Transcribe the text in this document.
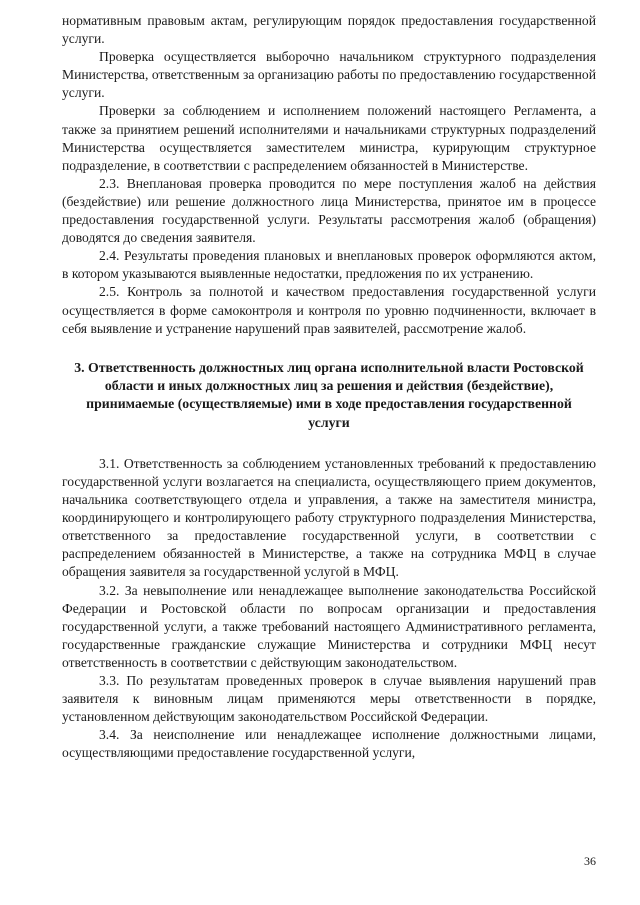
нормативным правовым актам, регулирующим порядок предоставления государственной услуги.

Проверка осуществляется выборочно начальником структурного подразделения Министерства, ответственным за организацию работы по предоставлению государственной услуги.

Проверки за соблюдением и исполнением положений настоящего Регламента, а также за принятием решений исполнителями и начальниками структурных подразделений Министерства осуществляется заместителем министра, курирующим структурное подразделение, в соответствии с распределением обязанностей в Министерстве.

2.3. Внеплановая проверка проводится по мере поступления жалоб на действия (бездействие) или решение должностного лица Министерства, принятое им в процессе предоставления государственной услуги. Результаты рассмотрения жалоб (обращения) доводятся до сведения заявителя.

2.4. Результаты проведения плановых и внеплановых проверок оформляются актом, в котором указываются выявленные недостатки, предложения по их устранению.

2.5. Контроль за полнотой и качеством предоставления государственной услуги осуществляется в форме самоконтроля и контроля по уровню подчиненности, включает в себя выявление и устранение нарушений прав заявителей, рассмотрение жалоб.

3. Ответственность должностных лиц органа исполнительной власти Ростовской области и иных должностных лиц за решения и действия (бездействие), принимаемые (осуществляемые) ими в ходе предоставления государственной услуги

3.1. Ответственность за соблюдением установленных требований к предоставлению государственной услуги возлагается на специалиста, осуществляющего прием документов, начальника соответствующего отдела и управления, а также на заместителя министра, координирующего и контролирующего работу структурного подразделения Министерства, ответственного за предоставление государственной услуги, в соответствии с распределением обязанностей в Министерстве, а также на сотрудника МФЦ в случае обращения заявителя за государственной услугой в МФЦ.

3.2. За невыполнение или ненадлежащее выполнение законодательства Российской Федерации и Ростовской области по вопросам организации и предоставления государственной услуги, а также требований настоящего Административного регламента, государственные гражданские служащие Министерства и сотрудники МФЦ несут ответственность в соответствии с действующим законодательством.

3.3. По результатам проведенных проверок в случае выявления нарушений прав заявителя к виновным лицам применяются меры ответственности в порядке, установленном действующим законодательством Российской Федерации.

3.4. За неисполнение или ненадлежащее исполнение должностными лицами, осуществляющими предоставление государственной услуги,

36
